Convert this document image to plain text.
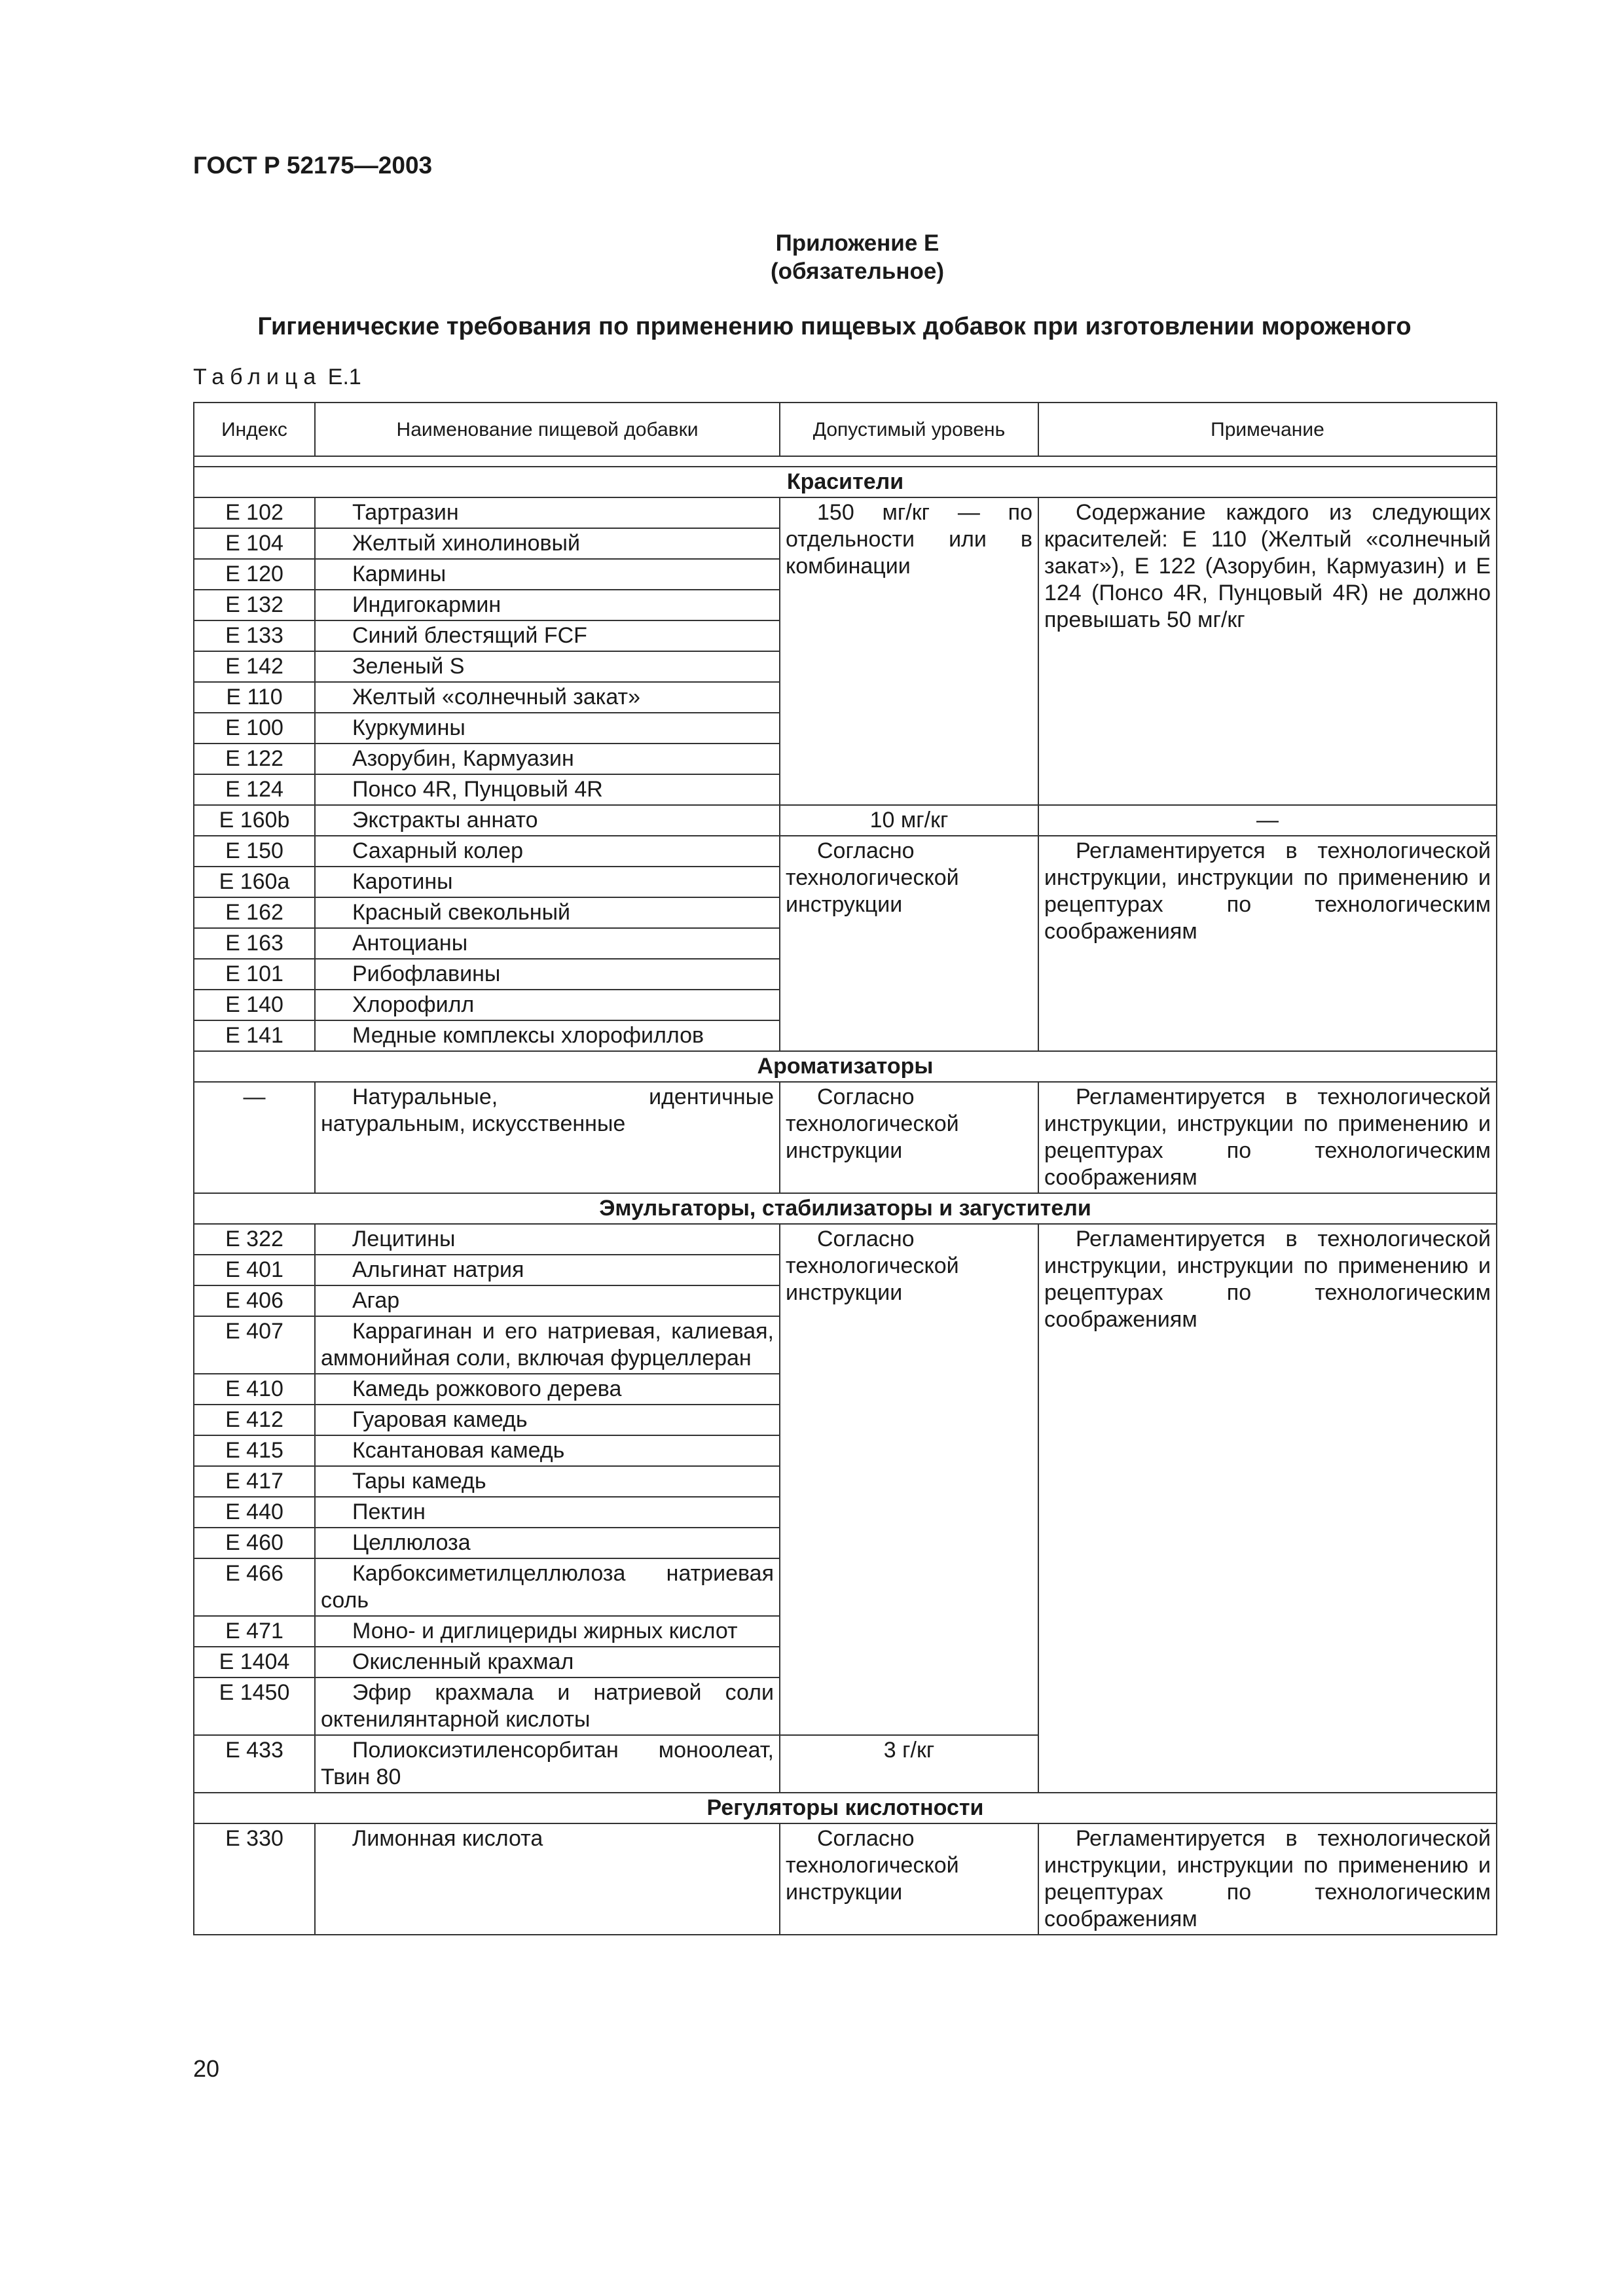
ГОСТ Р 52175—2003
Приложение Е
(обязательное)
Гигиенические требования по применению пищевых добавок при изготовлении мороженого
Таблица Е.1
Индекс	Наименование пищевой добавки	Допустимый уровень	Примечание

Красители			
Е 102	Тартразин	150 мг/кг — по отдельности или в комбинации	Содержание каждого из следующих красителей: Е 110 (Желтый «солнечный закат»), Е 122 (Азорубин, Кармуазин) и Е 124 (Понсо 4R, Пунцовый 4R) не должно превышать 50 мг/кг
Е 104	Желтый хинолиновый		
Е 120	Кармины		
Е 132	Индигокармин		
Е 133	Синий блестящий FCF		
Е 142	Зеленый S		
Е 110	Желтый «солнечный закат»		
Е 100	Куркумины		
Е 122	Азорубин, Кармуазин		
Е 124	Понсо 4R, Пунцовый 4R		
Е 160b	Экстракты аннато	10 мг/кг	—
Е 150	Сахарный колер	Согласно технологической инструкции	Регламентируется в технологической инструкции, инструкции по применению и рецептурах по технологическим соображениям
Е 160а	Каротины		
Е 162	Красный свекольный		
Е 163	Антоцианы		
Е 101	Рибофлавины		
Е 140	Хлорофилл		
Е 141	Медные комплексы хлорофиллов		
Ароматизаторы			
—	Натуральные, идентичные натуральным, искусственные	Согласно технологической инструкции	Регламентируется в технологической инструкции, инструкции по применению и рецептурах по технологическим соображениям
Эмульгаторы, стабилизаторы и загустители			
Е 322	Лецитины	Согласно технологической инструкции	Регламентируется в технологической инструкции, инструкции по применению и рецептурах по технологическим соображениям
Е 401	Альгинат натрия		
Е 406	Агар		
Е 407	Каррагинан и его натриевая, калиевая, аммонийная соли, включая фурцеллеран		
Е 410	Камедь рожкового дерева		
Е 412	Гуаровая камедь		
Е 415	Ксантановая камедь		
Е 417	Тары камедь		
Е 440	Пектин		
Е 460	Целлюлоза		
Е 466	Карбоксиметилцеллюлоза натриевая соль		
Е 471	Моно- и диглицериды жирных кислот		
Е 1404	Окисленный крахмал		
Е 1450	Эфир крахмала и натриевой соли октенилянтарной кислоты		
Е 433	Полиоксиэтиленсорбитан моноолеат, Твин 80	3 г/кг	
Регуляторы кислотности			
Е 330	Лимонная кислота	Согласно технологической инструкции	Регламентируется в технологической инструкции, инструкции по применению и рецептурах по технологическим соображениям
20
